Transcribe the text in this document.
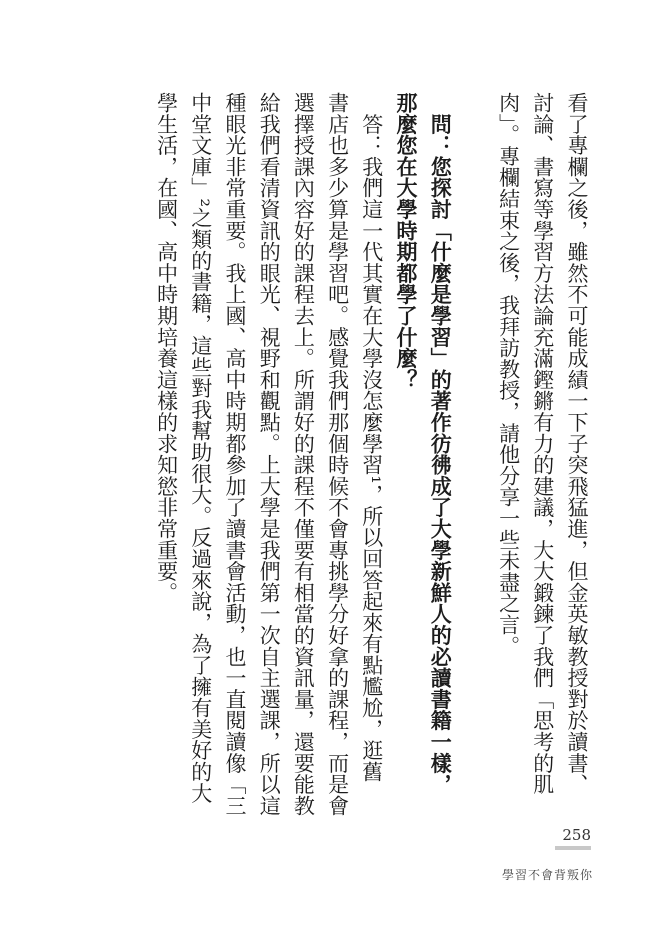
看了專欄之後，雖然不可能成績一下子突飛猛進，但金英敏教授對於讀書、
討論、書寫等學習方法論充滿鏗鏘有力的建議，大大鍛鍊了我們「思考的肌
肉」。專欄結束之後，我拜訪教授，請他分享一些未盡之言。
　問：您探討「什麼是學習」的著作彷彿成了大學新鮮人的必讀書籍一樣，
那麼您在大學時期都學了什麼？
　答：我們這一代其實在大學沒怎麼學習¹，所以回答起來有點尷尬，逛舊
書店也多少算是學習吧。感覺我們那個時候不會專挑學分好拿的課程，而是會
選擇授課內容好的課程去上。所謂好的課程不僅要有相當的資訊量，還要能教
給我們看清資訊的眼光、視野和觀點。上大學是我們第一次自主選課，所以這
種眼光非常重要。我上國、高中時期都參加了讀書會活動，也一直閱讀像「三
中堂文庫」²之類的書籍，這些對我幫助很大。反過來說，為了擁有美好的大
學生活，在國、高中時期培養這樣的求知慾非常重要。
258
學習不會背叛你
